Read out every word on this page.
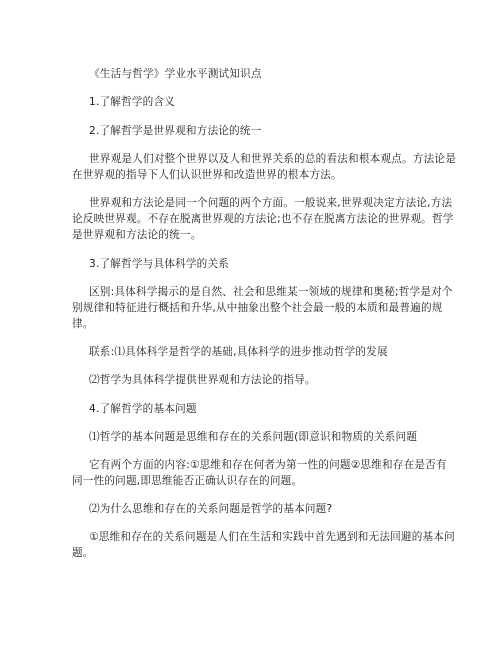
《生活与哲学》学业水平测试知识点
1.了解哲学的含义
2.了解哲学是世界观和方法论的统一
世界观是人们对整个世界以及人和世界关系的总的看法和根本观点。方法论是
在世界观的指导下人们认识世界和改造世界的根本方法。
世界观和方法论是同一个问题的两个方面。一般说来,世界观决定方法论,方法
论反映世界观。不存在脱离世界观的方法论;也不存在脱离方法论的世界观。哲学
是世界观和方法论的统一。
3.了解哲学与具体科学的关系
区别:具体科学揭示的是自然、社会和思维某一领域的规律和奥秘;哲学是对个
别规律和特征进行概括和升华,从中抽象出整个社会最一般的本质和最普遍的规
律。
联系:⑴具体科学是哲学的基础,具体科学的进步推动哲学的发展
⑵哲学为具体科学提供世界观和方法论的指导。
4.了解哲学的基本问题
⑴哲学的基本问题是思维和存在的关系问题(即意识和物质的关系问题
它有两个方面的内容:①思维和存在何者为第一性的问题②思维和存在是否有
同一性的问题,即思维能否正确认识存在的问题。
⑵为什么思维和存在的关系问题是哲学的基本问题?
①思维和存在的关系问题是人们在生活和实践中首先遇到和无法回避的基本问
题。
